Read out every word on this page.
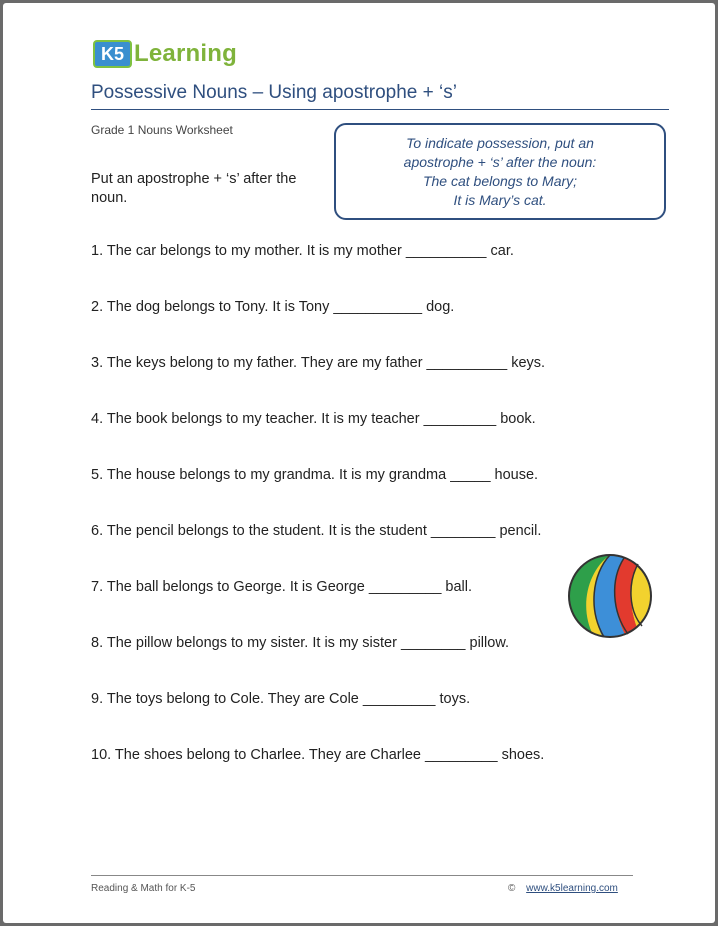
K5 Learning
Possessive Nouns – Using apostrophe + ‘s’
Grade 1 Nouns Worksheet
Put an apostrophe + ‘s’ after the noun.
To indicate possession, put an
apostrophe + ‘s’ after the noun:
The cat belongs to Mary;
It is Mary’s cat.
1. The car belongs to my mother. It is my mother __________ car.
2. The dog belongs to Tony. It is Tony ___________ dog.
3. The keys belong to my father. They are my father __________ keys.
4. The book belongs to my teacher. It is my teacher _________ book.
5. The house belongs to my grandma. It is my grandma _____ house.
6. The pencil belongs to the student. It is the student ________ pencil.
7. The ball belongs to George. It is George _________ ball.
8. The pillow belongs to my sister. It is my sister ________ pillow.
9. The toys belong to Cole. They are Cole _________ toys.
10. The shoes belong to Charlee. They are Charlee _________ shoes.
Reading & Math for K-5	© www.k5learning.com
